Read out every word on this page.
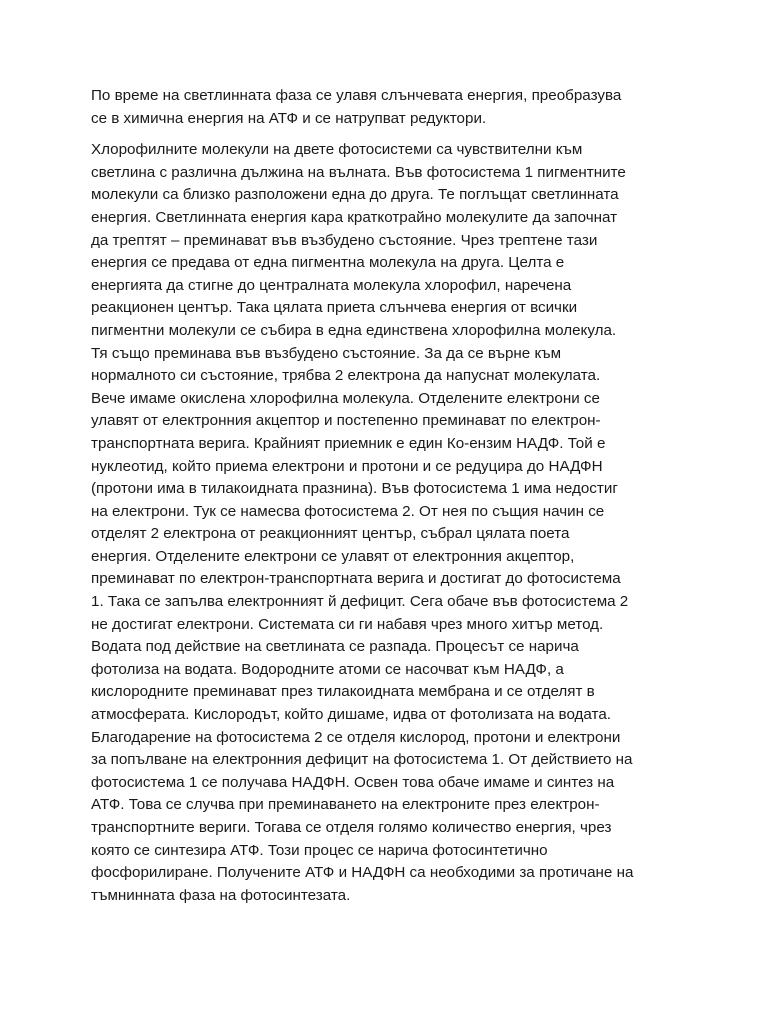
По време на светлинната фаза се улавя слънчевата енергия, преобразува
се в химична енергия на АТФ и се натрупват редуктори.

Хлорофилните молекули на двете фотосистеми са чувствителни към
светлина с различна дължина на вълната. Във фотосистема 1 пигментните
молекули са близко разположени една до друга. Те поглъщат светлинната
енергия. Светлинната енергия кара краткотрайно молекулите да започнат
да трептят – преминават във възбудено състояние. Чрез трептене тази
енергия се предава от една пигментна молекула на друга. Целта е
енергията да стигне до централната молекула хлорофил, наречена
реакционен център. Така цялата приета слънчева енергия от всички
пигментни молекули се събира в една единствена хлорофилна молекула.
Тя също преминава във възбудено състояние. За да се върне към
нормалното си състояние, трябва 2 електрона да напуснат молекулата.
Вече имаме окислена хлорофилна молекула. Отделените електрони се
улавят от електронния акцептор и постепенно преминават по електрон-
транспортната верига. Крайният приемник е един Ко-ензим НАДФ. Той е
нуклеотид, който приема електрони и протони и се редуцира до НАДФН
(протони има в тилакоидната празнина). Във фотосистема 1 има недостиг
на електрони. Тук се намесва фотосистема 2. От нея по същия начин се
отделят 2 електрона от реакционният център, събрал цялата поета
енергия. Отделените електрони се улавят от електронния акцептор,
преминават по електрон-транспортната верига и достигат до фотосистема
1. Така се запълва електронният й дефицит. Сега обаче във фотосистема 2
не достигат електрони. Системата си ги набавя чрез много хитър метод.
Водата под действие на светлината се разпада. Процесът се нарича
фотолиза на водата. Водородните атоми се насочват към НАДФ, а
кислородните преминават през тилакоидната мембрана и се отделят в
атмосферата. Кислородът, който дишаме, идва от фотолизата на водата.
Благодарение на фотосистема 2 се отделя кислород, протони и електрони
за попълване на електронния дефицит на фотосистема 1. От действието на
фотосистема 1 се получава НАДФН. Освен това обаче имаме и синтез на
АТФ. Това се случва при преминаването на електроните през електрон-
транспортните вериги. Тогава се отделя голямо количество енергия, чрез
която се синтезира АТФ. Този процес се нарича фотосинтетично
фосфорилиране. Получените АТФ и НАДФН са необходими за протичане на
тъмнинната фаза на фотосинтезата.
